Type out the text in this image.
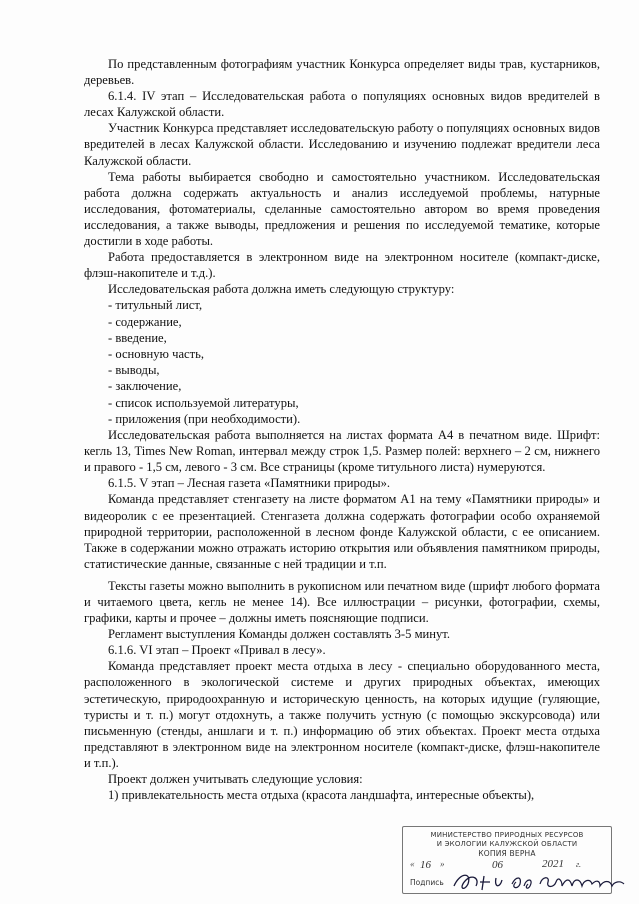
По представленным фотографиям участник Конкурса определяет виды трав, кустарников, деревьев.

6.1.4. IV этап – Исследовательская работа о популяциях основных видов вредителей в лесах Калужской области.

Участник Конкурса представляет исследовательскую работу о популяциях основных видов вредителей в лесах Калужской области. Исследованию и изучению подлежат вредители леса Калужской области.

Тема работы выбирается свободно и самостоятельно участником. Исследовательская работа должна содержать актуальность и анализ исследуемой проблемы, натурные исследования, фотоматериалы, сделанные самостоятельно автором во время проведения исследования, а также выводы, предложения и решения по исследуемой тематике, которые достигли в ходе работы.

Работа предоставляется в электронном виде на электронном носителе (компакт-диске, флэш-накопителе и т.д.).

Исследовательская работа должна иметь следующую структуру:

- титульный лист,
- содержание,
- введение,
- основную часть,
- выводы,
- заключение,
- список используемой литературы,
- приложения (при необходимости).

Исследовательская работа выполняется на листах формата А4 в печатном виде. Шрифт: кегль 13, Times New Roman, интервал между строк 1,5. Размер полей: верхнего – 2 см, нижнего и правого - 1,5 см, левого - 3 см. Все страницы (кроме титульного листа) нумеруются.

6.1.5. V этап – Лесная газета «Памятники природы».

Команда представляет стенгазету на листе форматом А1 на тему «Памятники природы» и видеоролик с ее презентацией. Стенгазета должна содержать фотографии особо охраняемой природной территории, расположенной в лесном фонде Калужской области, с ее описанием. Также в содержании можно отражать историю открытия или объявления памятником природы, статистические данные, связанные с ней традиции и т.п.

Тексты газеты можно выполнить в рукописном или печатном виде (шрифт любого формата и читаемого цвета, кегль не менее 14). Все иллюстрации – рисунки, фотографии, схемы, графики, карты и прочее – должны иметь поясняющие подписи.

Регламент выступления Команды должен составлять 3-5 минут.

6.1.6. VI этап – Проект «Привал в лесу».

Команда представляет проект места отдыха в лесу - специально оборудованного места, расположенного в экологической системе и других природных объектах, имеющих эстетическую, природоохранную и историческую ценность, на которых идущие (гуляющие, туристы и т. п.) могут отдохнуть, а также получить устную (с помощью экскурсовода) или письменную (стенды, аншлаги и т. п.) информацию об этих объектах. Проект места отдыха представляют в электронном виде на электронном носителе (компакт-диске, флэш-накопителе и т.п.).

Проект должен учитывать следующие условия:

1) привлекательность места отдыха (красота ландшафта, интересные объекты),

МИНИСТЕРСТВО ПРИРОДНЫХ РЕСУРСОВ
И ЭКОЛОГИИ КАЛУЖСКОЙ ОБЛАСТИ
КОПИЯ ВЕРНА
« 16 »	06	2021 г.
Подпись
